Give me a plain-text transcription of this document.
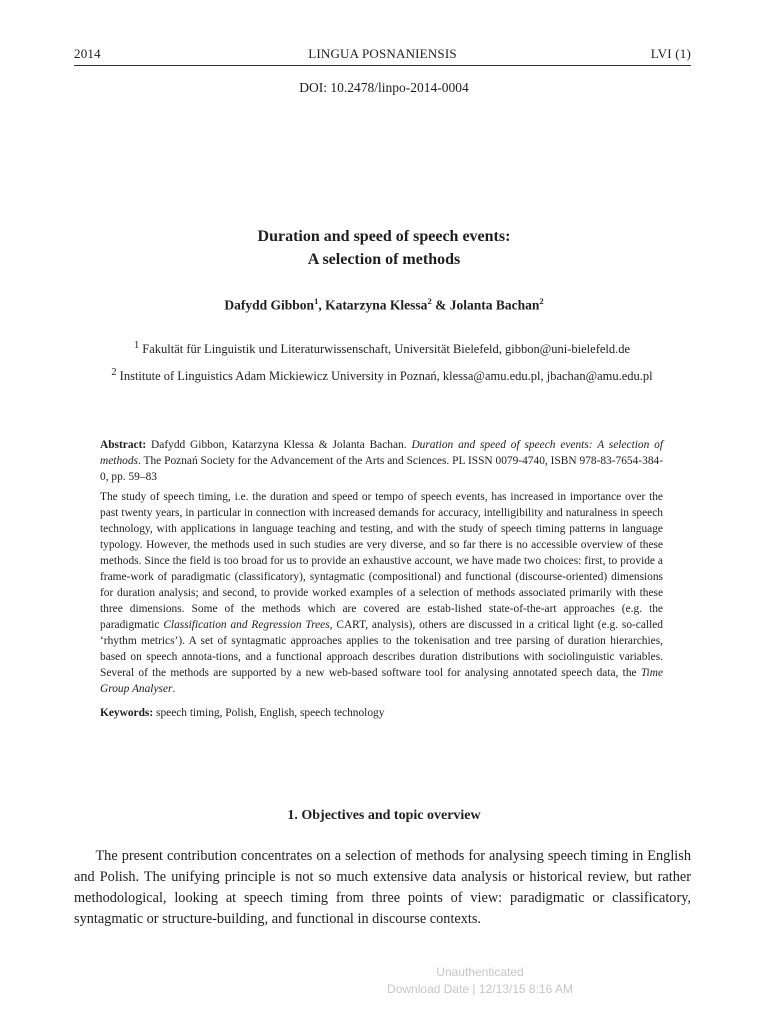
2014	LINGUA POSNANIENSIS	LVI (1)
DOI: 10.2478/linpo-2014-0004
Duration and speed of speech events:
A selection of methods
Dafydd Gibbon$^1$, Katarzyna Klessa$^2$ & Jolanta Bachan$^2$
$^1$ Fakultät für Linguistik und Literaturwissenschaft, Universität Bielefeld, gibbon@uni-bielefeld.de
$^2$ Institute of Linguistics Adam Mickiewicz University in Poznań, klessa@amu.edu.pl, jbachan@amu.edu.pl

Abstract: Dafydd Gibbon, Katarzyna Klessa & Jolanta Bachan. Duration and speed of speech events: A selection of methods. The Poznań Society for the Advancement of the Arts and Sciences. PL ISSN 0079-4740, ISBN 978-83-7654-384-0, pp. 59–83

The study of speech timing, i.e. the duration and speed or tempo of speech events, has increased in importance over the past twenty years, in particular in connection with increased demands for accuracy, intelligibility and naturalness in speech technology, with applications in language teaching and testing, and with the study of speech timing patterns in language typology. However, the methods used in such studies are very diverse, and so far there is no accessible overview of these methods. Since the field is too broad for us to provide an exhaustive account, we have made two choices: first, to provide a frame-work of paradigmatic (classificatory), syntagmatic (compositional) and functional (discourse-oriented) dimensions for duration analysis; and second, to provide worked examples of a selection of methods associated primarily with these three dimensions. Some of the methods which are covered are estab-lished state-of-the-art approaches (e.g. the paradigmatic Classification and Regression Trees, CART, analysis), others are discussed in a critical light (e.g. so-called ‘rhythm metrics’). A set of syntagmatic approaches applies to the tokenisation and tree parsing of duration hierarchies, based on speech annota-tions, and a functional approach describes duration distributions with sociolinguistic variables. Several of the methods are supported by a new web-based software tool for analysing annotated speech data, the Time Group Analyser.

Keywords: speech timing, Polish, English, speech technology

1. Objectives and topic overview

  The present contribution concentrates on a selection of methods for analysing speech timing in English and Polish. The unifying principle is not so much extensive data analysis or historical review, but rather methodological, looking at speech timing from three points of view: paradigmatic or classificatory, syntagmatic or structure-building, and functional in discourse contexts.

Unauthenticated
Download Date | 12/13/15 8:16 AM
